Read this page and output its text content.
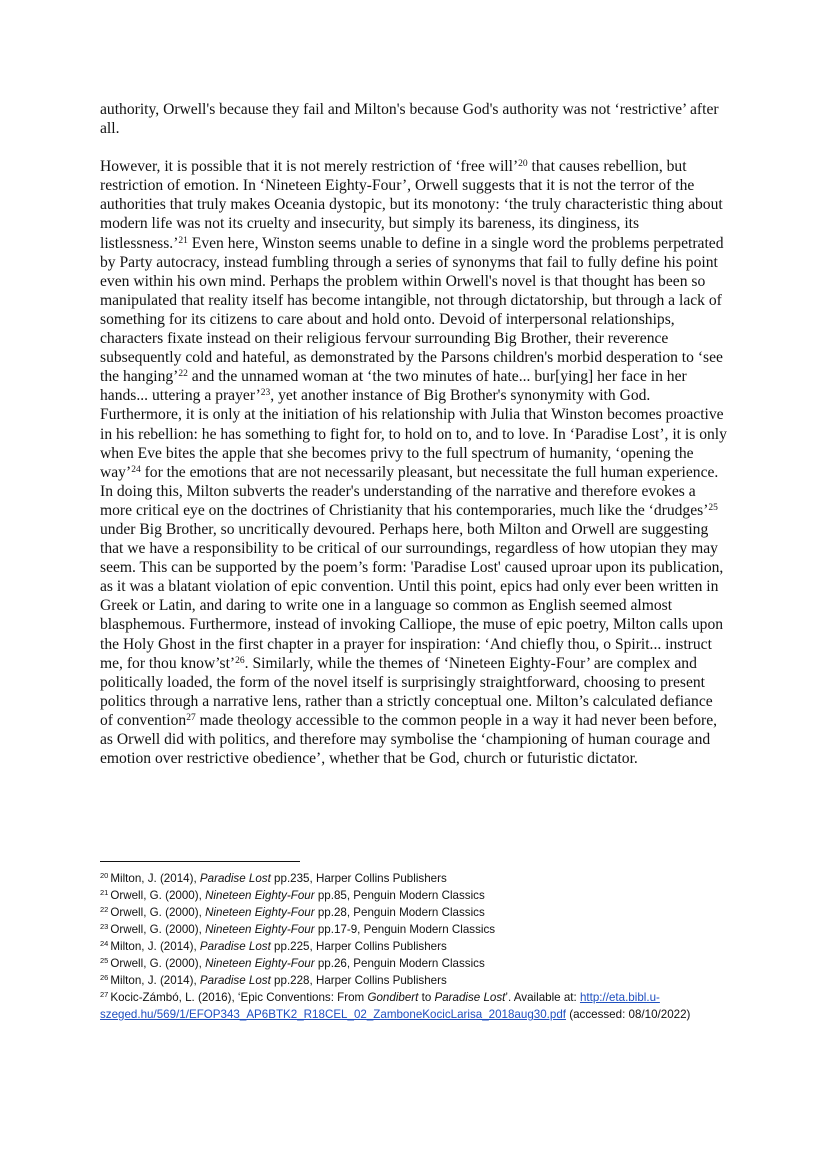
authority, Orwell's because they fail and Milton's because God's authority was not ‘restrictive’ after all.

However, it is possible that it is not merely restriction of ‘free will’$^{20}$ that causes rebellion, but restriction of emotion. In ‘Nineteen Eighty-Four’, Orwell suggests that it is not the terror of the authorities that truly makes Oceania dystopic, but its monotony: ‘the truly characteristic thing about modern life was not its cruelty and insecurity, but simply its bareness, its dinginess, its listlessness.’$^{21}$ Even here, Winston seems unable to define in a single word the problems perpetrated by Party autocracy, instead fumbling through a series of synonyms that fail to fully define his point even within his own mind. Perhaps the problem within Orwell's novel is that thought has been so manipulated that reality itself has become intangible, not through dictatorship, but through a lack of something for its citizens to care about and hold onto. Devoid of interpersonal relationships, characters fixate instead on their religious fervour surrounding Big Brother, their reverence subsequently cold and hateful, as demonstrated by the Parsons children's morbid desperation to ‘see the hanging’$^{22}$ and the unnamed woman at ‘the two minutes of hate... bur[ying] her face in her hands... uttering a prayer’$^{23}$, yet another instance of Big Brother's synonymity with God. Furthermore, it is only at the initiation of his relationship with Julia that Winston becomes proactive in his rebellion: he has something to fight for, to hold on to, and to love. In ‘Paradise Lost’, it is only when Eve bites the apple that she becomes privy to the full spectrum of humanity, ‘opening the way’$^{24}$ for the emotions that are not necessarily pleasant, but necessitate the full human experience. In doing this, Milton subverts the reader's understanding of the narrative and therefore evokes a more critical eye on the doctrines of Christianity that his contemporaries, much like the ‘drudges’$^{25}$ under Big Brother, so uncritically devoured. Perhaps here, both Milton and Orwell are suggesting that we have a responsibility to be critical of our surroundings, regardless of how utopian they may seem. This can be supported by the poem’s form: 'Paradise Lost' caused uproar upon its publication, as it was a blatant violation of epic convention. Until this point, epics had only ever been written in Greek or Latin, and daring to write one in a language so common as English seemed almost blasphemous. Furthermore, instead of invoking Calliope, the muse of epic poetry, Milton calls upon the Holy Ghost in the first chapter in a prayer for inspiration: ‘And chiefly thou, o Spirit... instruct me, for thou know’st’$^{26}$. Similarly, while the themes of ‘Nineteen Eighty-Four’ are complex and politically loaded, the form of the novel itself is surprisingly straightforward, choosing to present politics through a narrative lens, rather than a strictly conceptual one. Milton’s calculated defiance of convention$^{27}$ made theology accessible to the common people in a way it had never been before, as Orwell did with politics, and therefore may symbolise the ‘championing of human courage and emotion over restrictive obedience’, whether that be God, church or futuristic dictator.

$^{20}$ Milton, J. (2014), Paradise Lost pp.235, Harper Collins Publishers

$^{21}$ Orwell, G. (2000), Nineteen Eighty-Four pp.85, Penguin Modern Classics

$^{22}$ Orwell, G. (2000), Nineteen Eighty-Four pp.28, Penguin Modern Classics

$^{23}$ Orwell, G. (2000), Nineteen Eighty-Four pp.17-9, Penguin Modern Classics

$^{24}$ Milton, J. (2014), Paradise Lost pp.225, Harper Collins Publishers

$^{25}$ Orwell, G. (2000), Nineteen Eighty-Four pp.26, Penguin Modern Classics

$^{26}$ Milton, J. (2014), Paradise Lost pp.228, Harper Collins Publishers

$^{27}$ Kocic-Zámbó, L. (2016), ‘Epic Conventions: From Gondibert to Paradise Lost’. Available at: http://eta.bibl.u-szeged.hu/569/1/EFOP343_AP6BTK2_R18CEL_02_ZamboneKocicLarisa_2018aug30.pdf (accessed: 08/10/2022)
